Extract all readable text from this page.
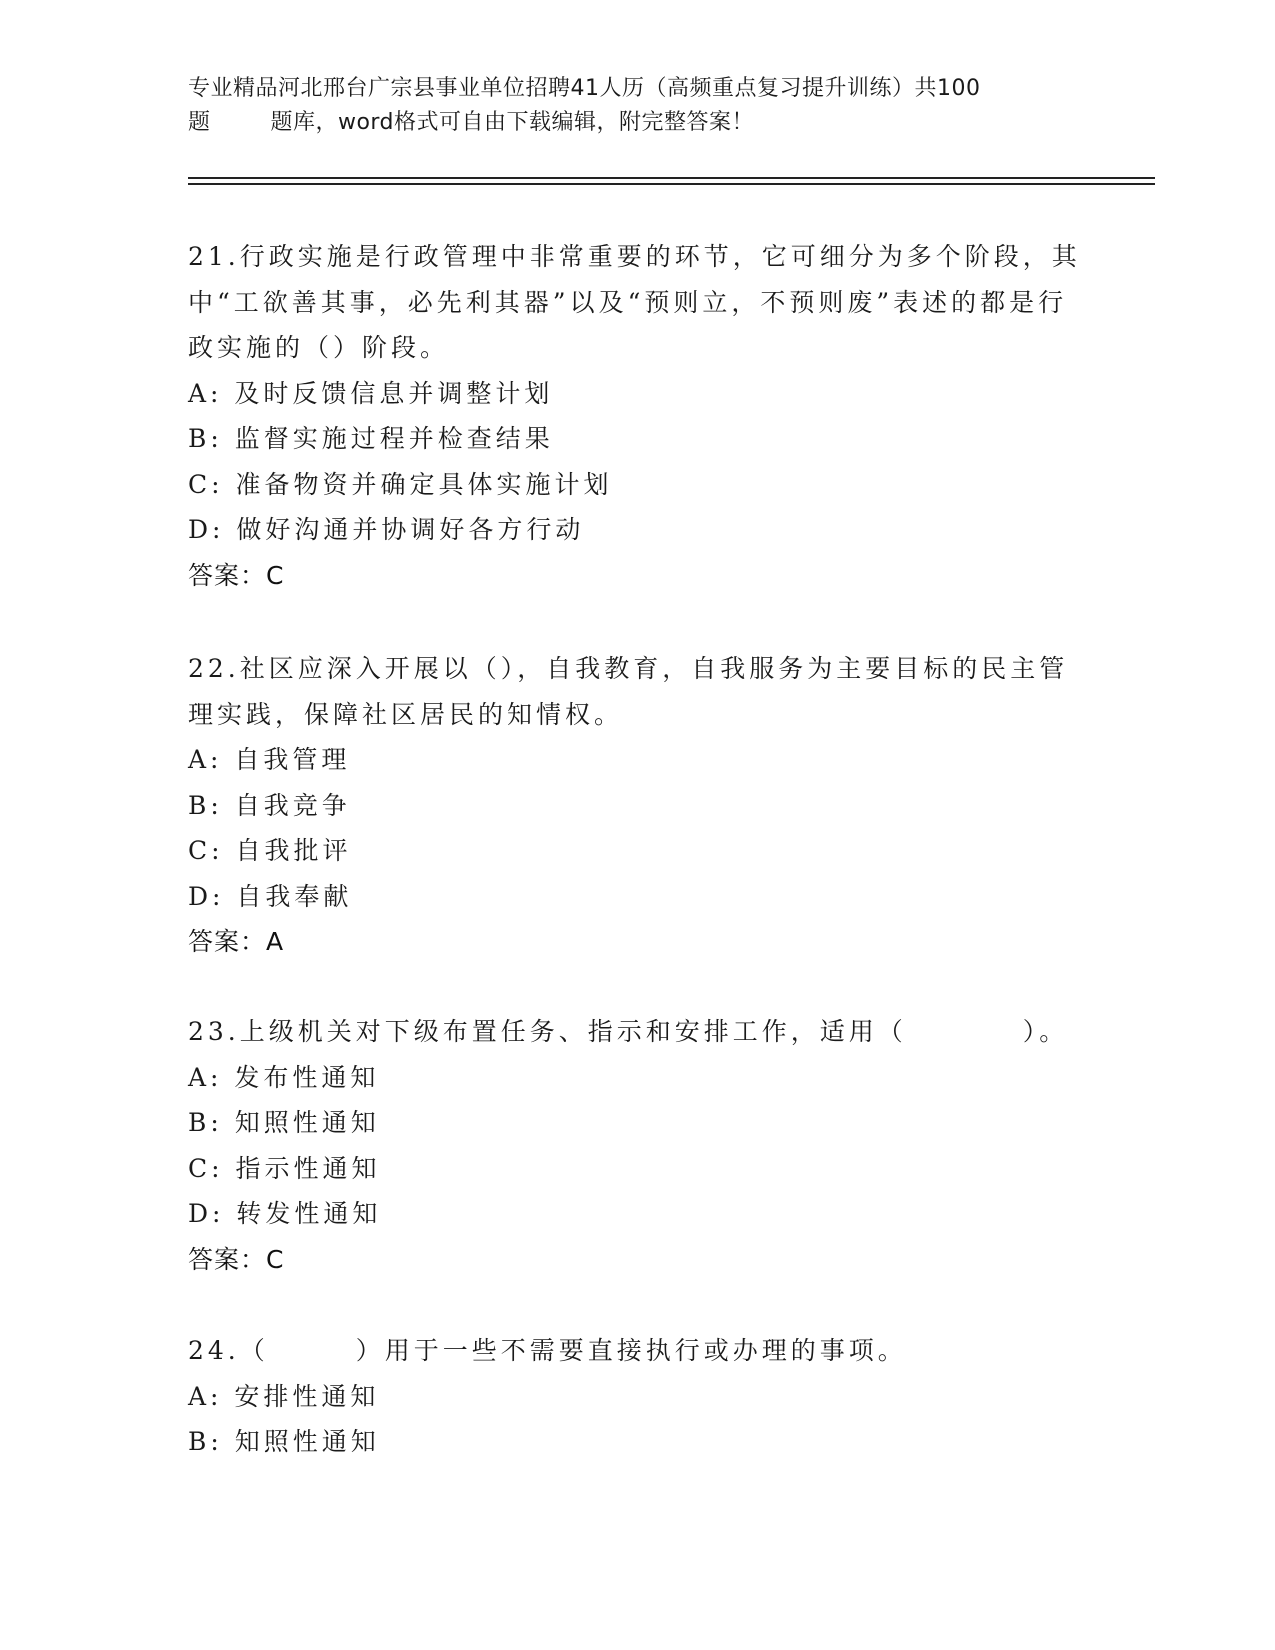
专业精品河北邢台广宗县事业单位招聘41人历（高频重点复习提升训练）共100
题        题库，word格式可自由下载编辑，附完整答案！

21.行政实施是行政管理中非常重要的环节，它可细分为多个阶段，其中“工欲善其事，必先利其器”以及“预则立，不预则废”表述的都是行政实施的（）阶段。

A: 及时反馈信息并调整计划

B: 监督实施过程并检查结果

C: 准备物资并确定具体实施计划

D: 做好沟通并协调好各方行动

答案：C

22.社区应深入开展以（），自我教育，自我服务为主要目标的民主管理实践，保障社区居民的知情权。

A: 自我管理

B: 自我竞争

C: 自我批评

D: 自我奉献

答案：A

23.上级机关对下级布置任务、指示和安排工作，适用（　　　　）。

A: 发布性通知

B: 知照性通知

C: 指示性通知

D: 转发性通知

答案：C

24.（　　　）用于一些不需要直接执行或办理的事项。

A: 安排性通知

B: 知照性通知
